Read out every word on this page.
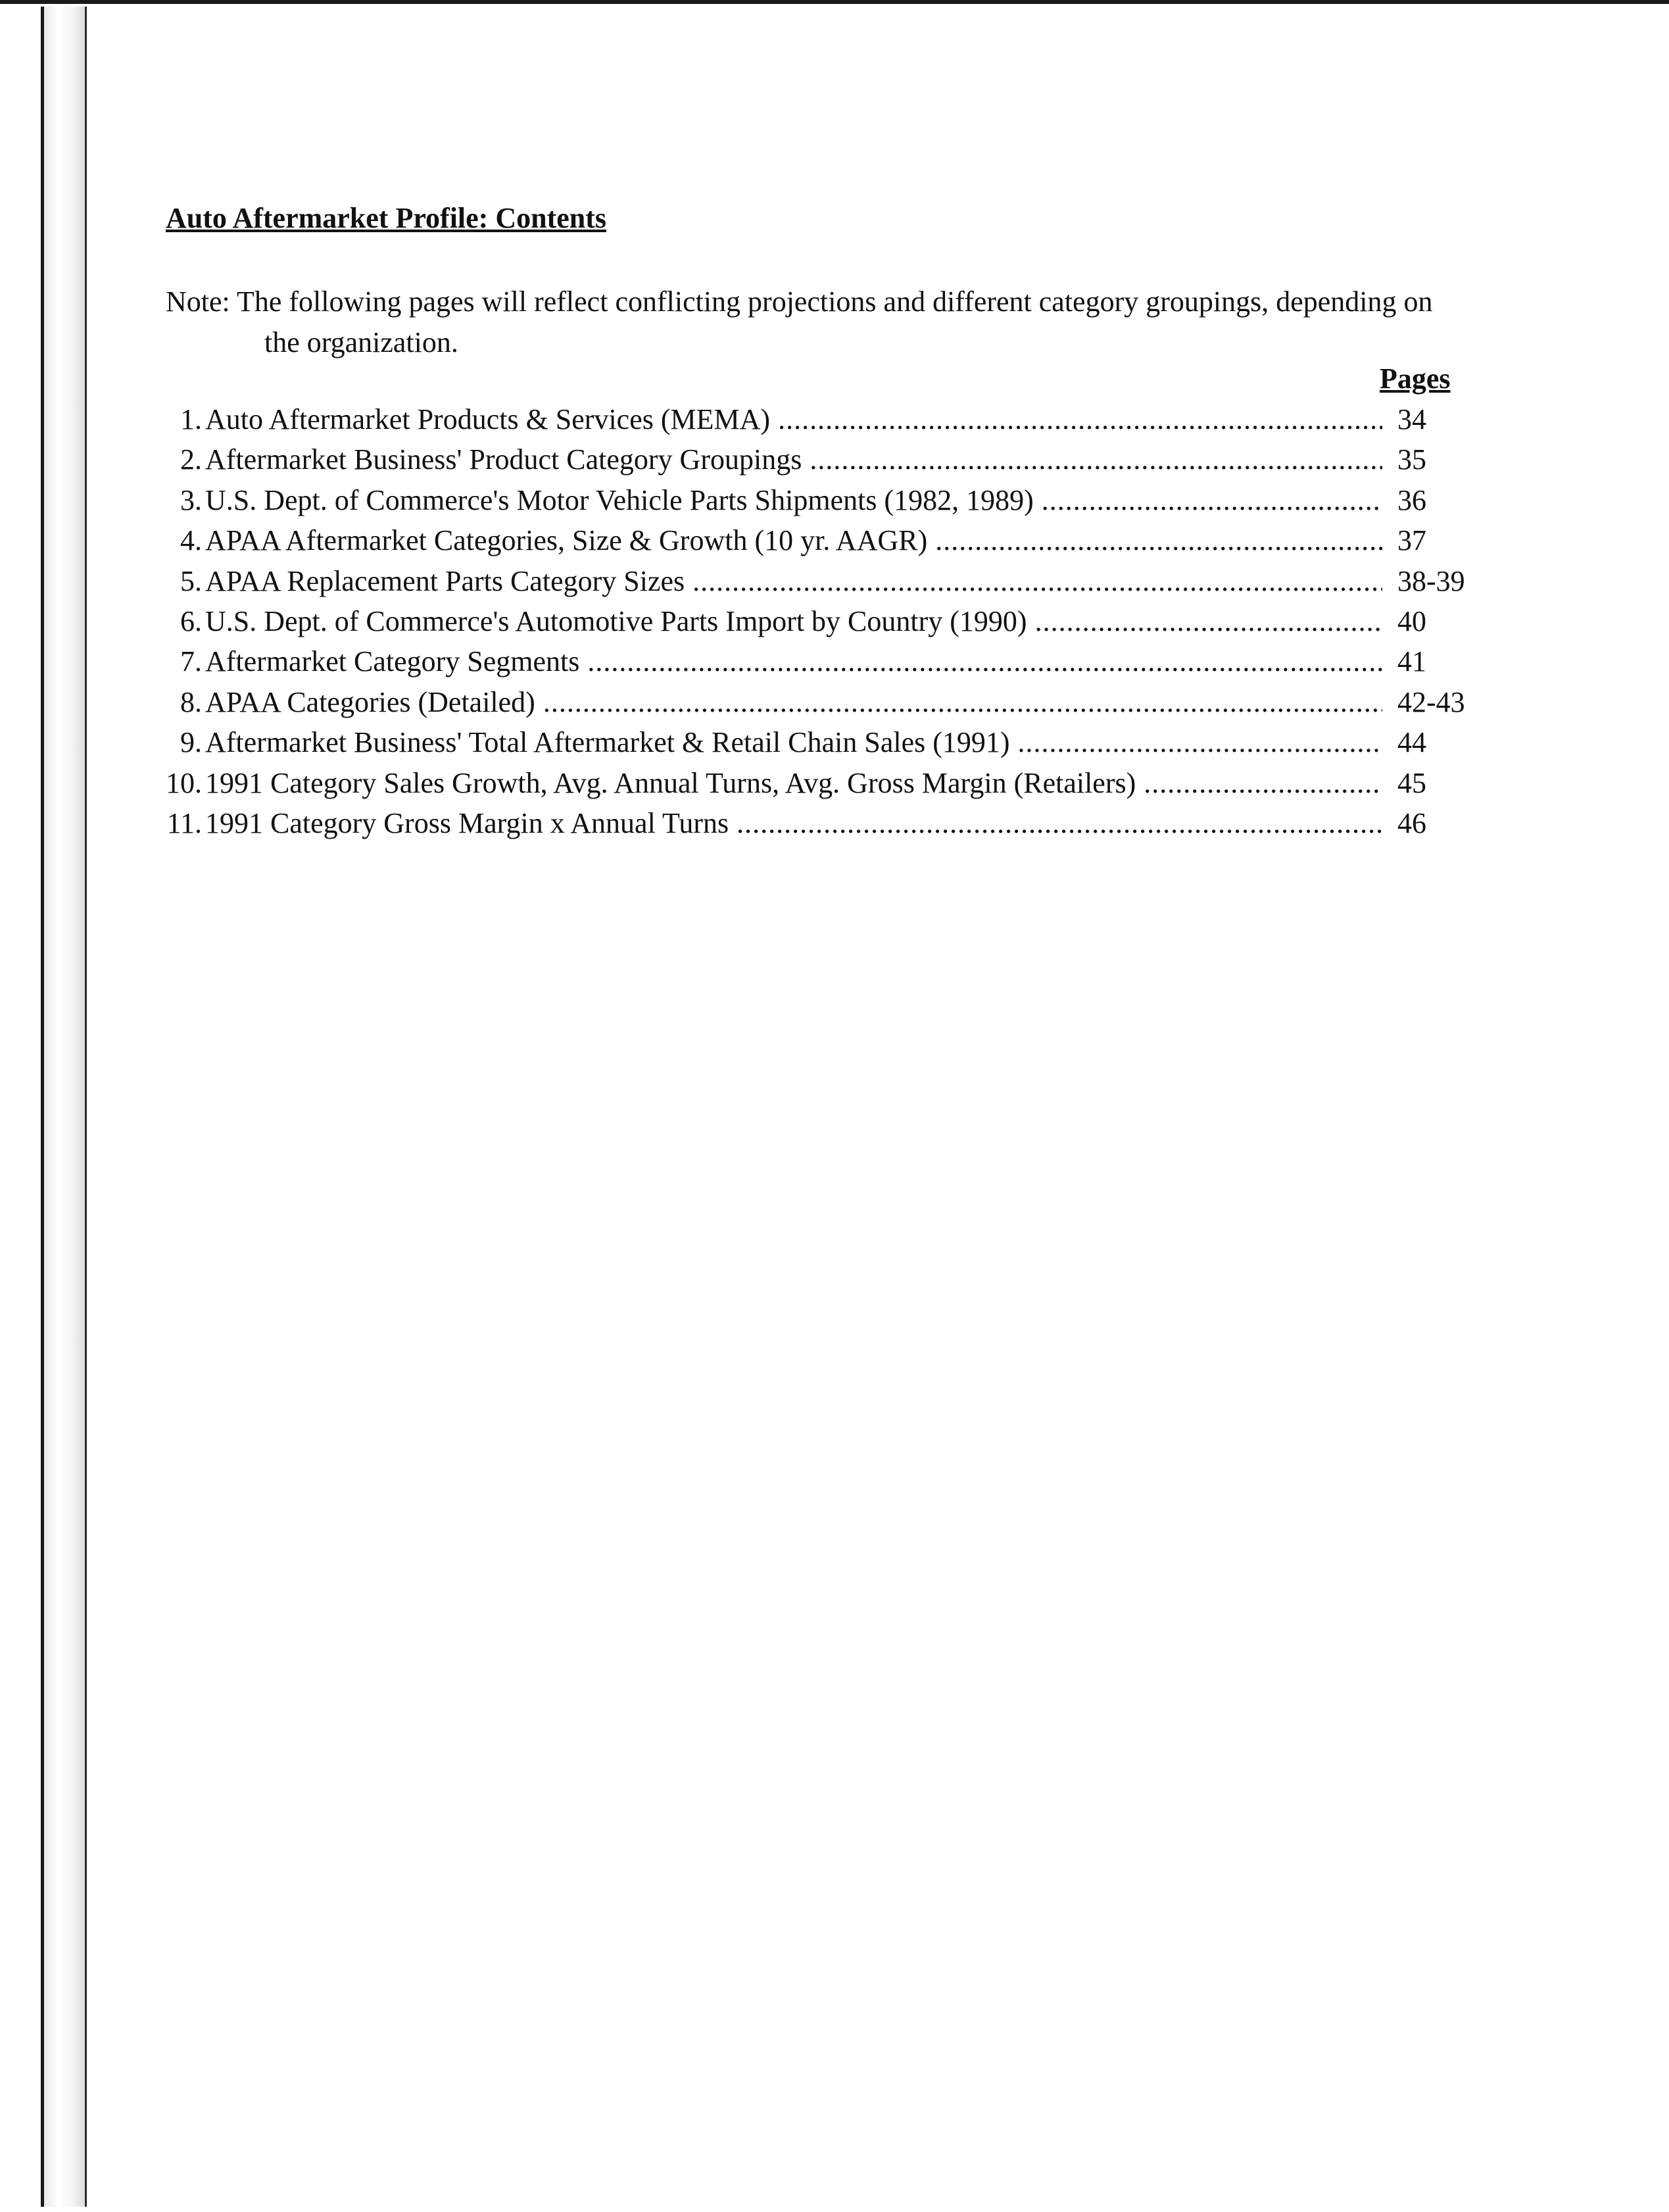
Auto Aftermarket Profile: Contents
Note: The following pages will reflect conflicting projections and different category groupings, depending on
the organization.
Pages
1. Auto Aftermarket Products & Services (MEMA) .....	34
2. Aftermarket Business' Product Category Groupings .....	35
3. U.S. Dept. of Commerce's Motor Vehicle Parts Shipments (1982, 1989) .....	36
4. APAA Aftermarket Categories, Size & Growth (10 yr. AAGR) .....	37
5. APAA Replacement Parts Category Sizes .....	38-39
6. U.S. Dept. of Commerce's Automotive Parts Import by Country (1990) .....	40
7. Aftermarket Category Segments .....	41
8. APAA Categories (Detailed) .....	42-43
9. Aftermarket Business' Total Aftermarket & Retail Chain Sales (1991) .....	44
10. 1991 Category Sales Growth, Avg. Annual Turns, Avg. Gross Margin (Retailers) .....	45
11. 1991 Category Gross Margin x Annual Turns .....	46
